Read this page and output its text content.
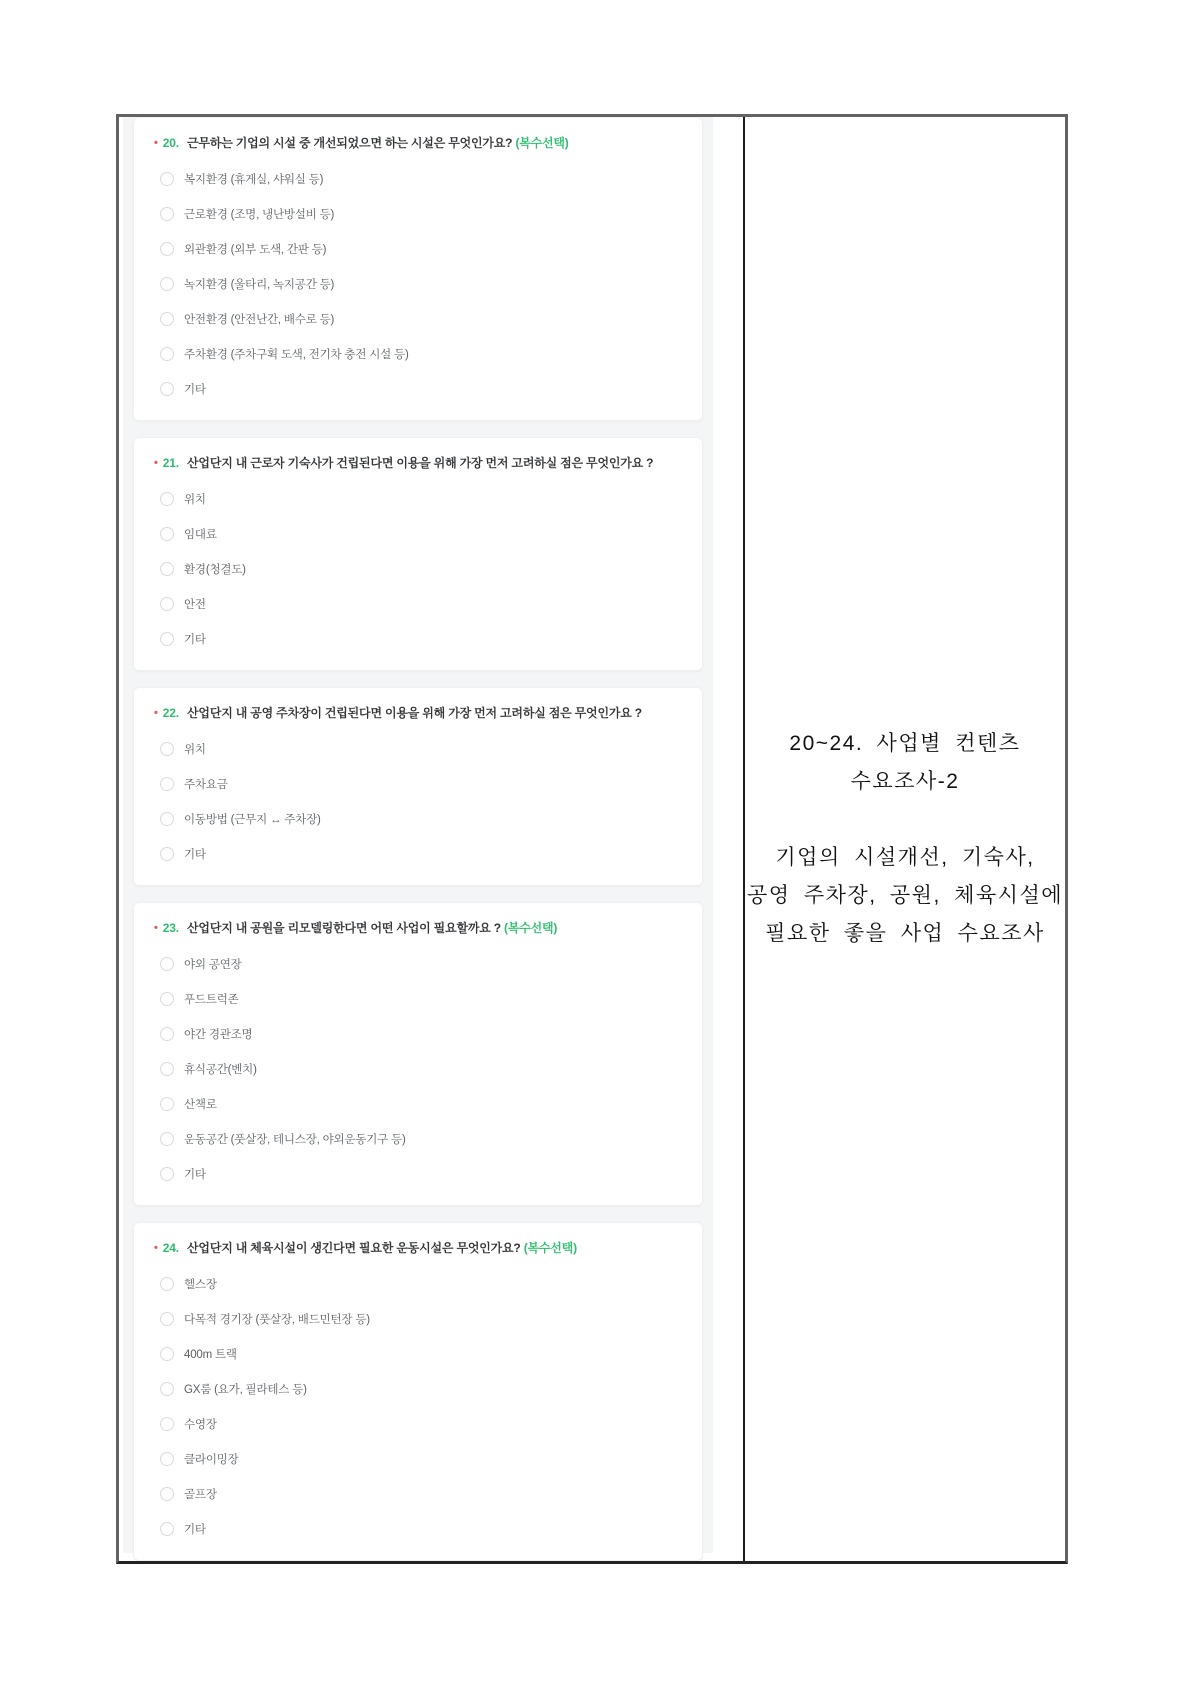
• 20. 근무하는 기업의 시설 중 개선되었으면 하는 시설은 무엇인가요? (복수선택)
복지환경 (휴게실, 샤워실 등)
근로환경 (조명, 냉난방설비 등)
외관환경 (외부 도색, 간판 등)
녹지환경 (울타리, 녹지공간 등)
안전환경 (안전난간, 배수로 등)
주차환경 (주차구획 도색, 전기차 충전 시설 등)
기타
• 21. 산업단지 내 근로자 기숙사가 건립된다면 이용을 위해 가장 먼저 고려하실 점은 무엇인가요 ?
위치
임대료
환경(청결도)
안전
기타
• 22. 산업단지 내 공영 주차장이 건립된다면 이용을 위해 가장 먼저 고려하실 점은 무엇인가요 ?
위치
주차요금
이동방법 (근무지 ↔ 주차장)
기타
• 23. 산업단지 내 공원을 리모델링한다면 어떤 사업이 필요할까요 ? (복수선택)
야외 공연장
푸드트럭존
야간 경관조명
휴식공간(벤치)
산책로
운동공간 (풋살장, 테니스장, 야외운동기구 등)
기타
• 24. 산업단지 내 체육시설이 생긴다면 필요한 운동시설은 무엇인가요? (복수선택)
헬스장
다목적 경기장 (풋살장, 배드민턴장 등)
400m 트랙
GX룸 (요가, 필라테스 등)
수영장
클라이밍장
골프장
기타
20~24. 사업별 컨텐츠
수요조사-2
기업의 시설개선, 기숙사,
공영 주차장, 공원, 체육시설에
필요한 좋을 사업 수요조사
